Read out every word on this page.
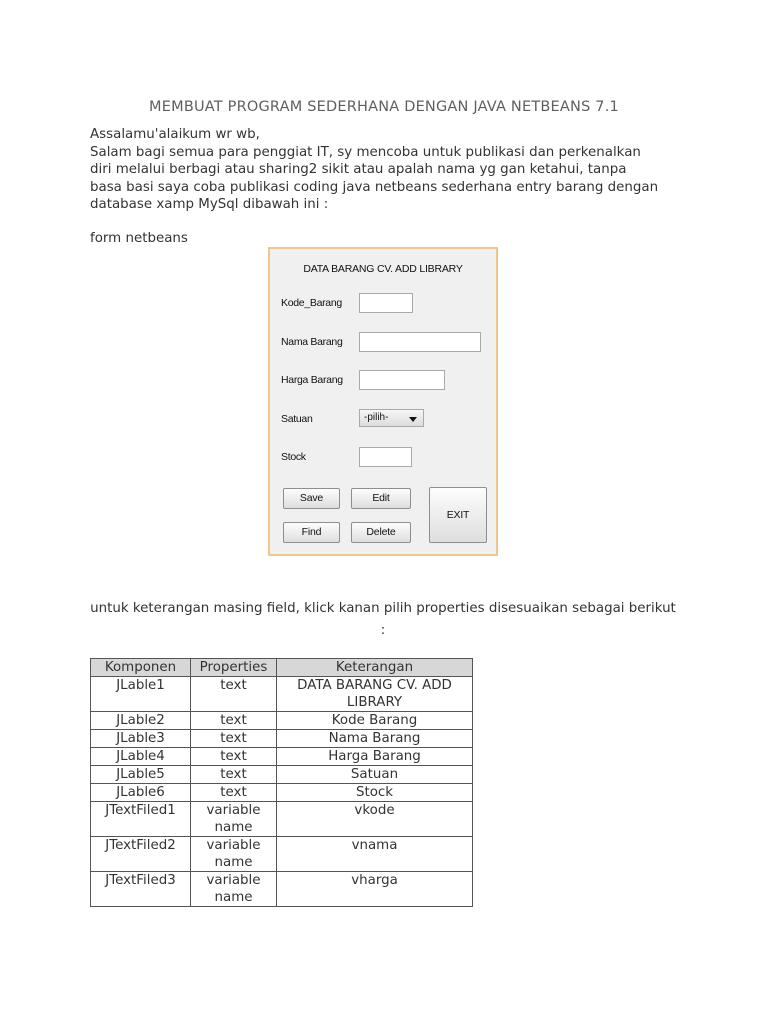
MEMBUAT PROGRAM SEDERHANA DENGAN JAVA NETBEANS 7.1

Assalamu'alaikum wr wb,

Salam bagi semua para penggiat IT, sy mencoba untuk publikasi dan perkenalkan

diri melalui berbagi atau sharing2 sikit atau apalah nama yg gan ketahui, tanpa

basa basi saya coba publikasi coding java netbeans sederhana entry barang dengan

database xamp MySql dibawah ini :

form netbeans
DATA BARANG CV. ADD LIBRARY
Kode_Barang
Nama Barang
Harga Barang
Satuan	-pilih-
Stock
Save	Edit
Find	Delete
EXIT
untuk keterangan masing field, klick kanan pilih properties disesuaikan sebagai berikut :
Komponen	Properties	Keterangan
JLable1	text	DATA BARANG CV. ADD LIBRARY
JLable2	text	Kode Barang
JLable3	text	Nama Barang
JLable4	text	Harga Barang
JLable5	text	Satuan
JLable6	text	Stock
JTextFiled1	variable name	vkode
JTextFiled2	variable name	vnama
JTextFiled3	variable name	vharga
